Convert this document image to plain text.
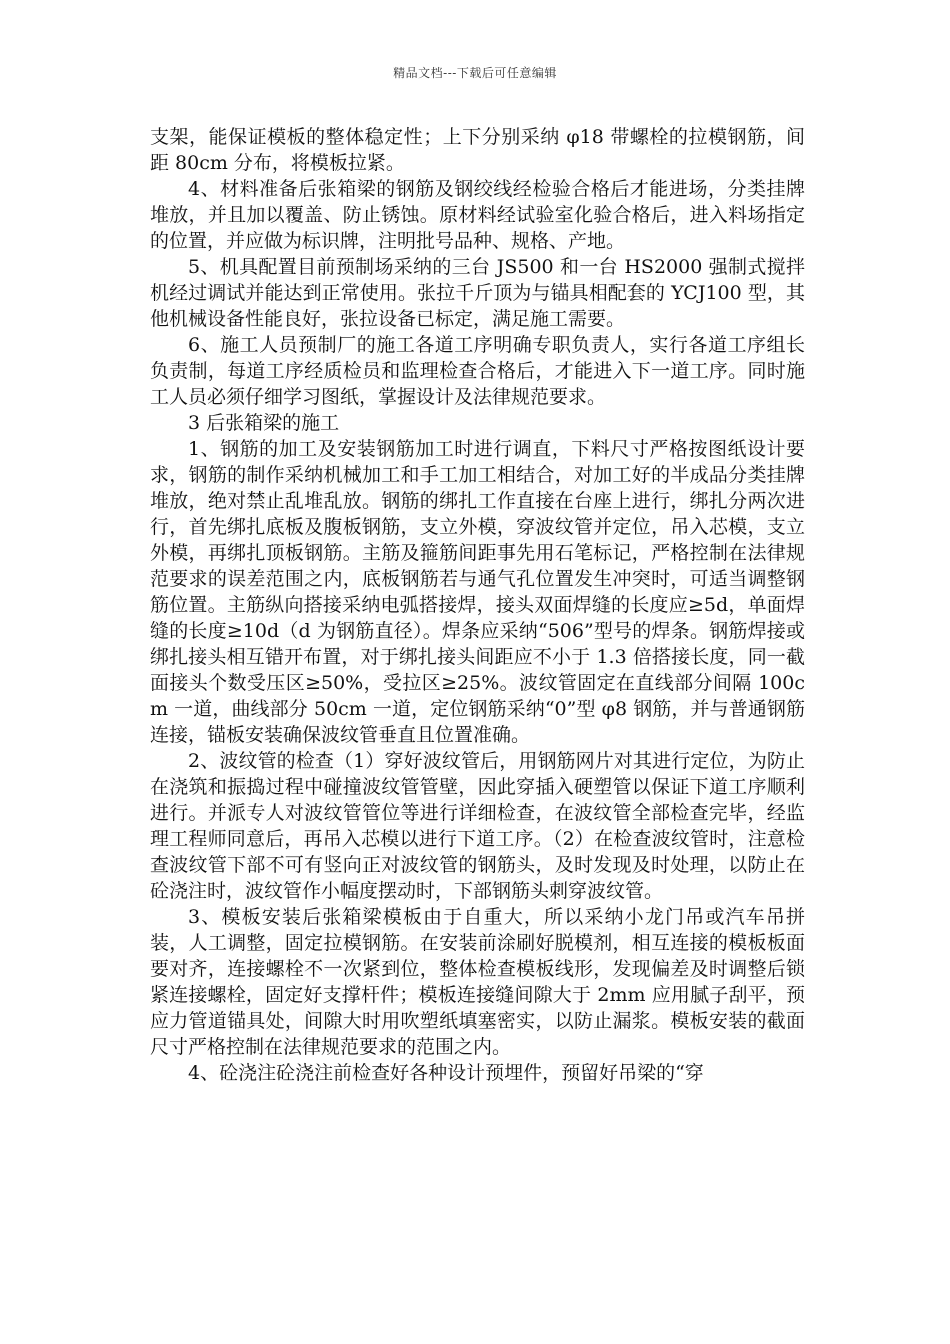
精品文档---下载后可任意编辑

支架，能保证模板的整体稳定性；上下分别采纳 φ18 带螺栓的拉模钢筋，间距 80cm 分布，将模板拉紧。

4、材料准备后张箱梁的钢筋及钢绞线经检验合格后才能进场，分类挂牌堆放，并且加以覆盖、防止锈蚀。原材料经试验室化验合格后，进入料场指定的位置，并应做为标识牌，注明批号品种、规格、产地。

5、机具配置目前预制场采纳的三台 JS500 和一台 HS2000 强制式搅拌机经过调试并能达到正常使用。张拉千斤顶为与锚具相配套的 YCJ100 型，其他机械设备性能良好，张拉设备已标定，满足施工需要。

6、施工人员预制厂的施工各道工序明确专职负责人，实行各道工序组长负责制，每道工序经质检员和监理检查合格后，才能进入下一道工序。同时施工人员必须仔细学习图纸，掌握设计及法律规范要求。

3 后张箱梁的施工

1、钢筋的加工及安装钢筋加工时进行调直，下料尺寸严格按图纸设计要求，钢筋的制作采纳机械加工和手工加工相结合，对加工好的半成品分类挂牌堆放，绝对禁止乱堆乱放。钢筋的绑扎工作直接在台座上进行，绑扎分两次进行，首先绑扎底板及腹板钢筋，支立外模，穿波纹管并定位，吊入芯模，支立外模，再绑扎顶板钢筋。主筋及箍筋间距事先用石笔标记，严格控制在法律规范要求的误差范围之内，底板钢筋若与通气孔位置发生冲突时，可适当调整钢筋位置。主筋纵向搭接采纳电弧搭接焊，接头双面焊缝的长度应≥5d，单面焊缝的长度≥10d（d 为钢筋直径）。焊条应采纳“506”型号的焊条。钢筋焊接或绑扎接头相互错开布置，对于绑扎接头间距应不小于 1.3 倍搭接长度，同一截面接头个数受压区≥50%，受拉区≥25%。波纹管固定在直线部分间隔 100cm 一道，曲线部分 50cm 一道，定位钢筋采纳“0”型 φ8 钢筋，并与普通钢筋连接，锚板安装确保波纹管垂直且位置准确。

2、波纹管的检查（1）穿好波纹管后，用钢筋网片对其进行定位，为防止在浇筑和振捣过程中碰撞波纹管管壁，因此穿插入硬塑管以保证下道工序顺利进行。并派专人对波纹管管位等进行详细检查，在波纹管全部检查完毕，经监理工程师同意后，再吊入芯模以进行下道工序。（2）在检查波纹管时，注意检查波纹管下部不可有竖向正对波纹管的钢筋头，及时发现及时处理，以防止在砼浇注时，波纹管作小幅度摆动时，下部钢筋头刺穿波纹管。

3、模板安装后张箱梁模板由于自重大，所以采纳小龙门吊或汽车吊拼装，人工调整，固定拉模钢筋。在安装前涂刷好脱模剂，相互连接的模板板面要对齐，连接螺栓不一次紧到位，整体检查模板线形，发现偏差及时调整后锁紧连接螺栓，固定好支撑杆件；模板连接缝间隙大于 2mm 应用腻子刮平，预应力管道锚具处，间隙大时用吹塑纸填塞密实，以防止漏浆。模板安装的截面尺寸严格控制在法律规范要求的范围之内。

4、砼浇注砼浇注前检查好各种设计预埋件，预留好吊梁的“穿
